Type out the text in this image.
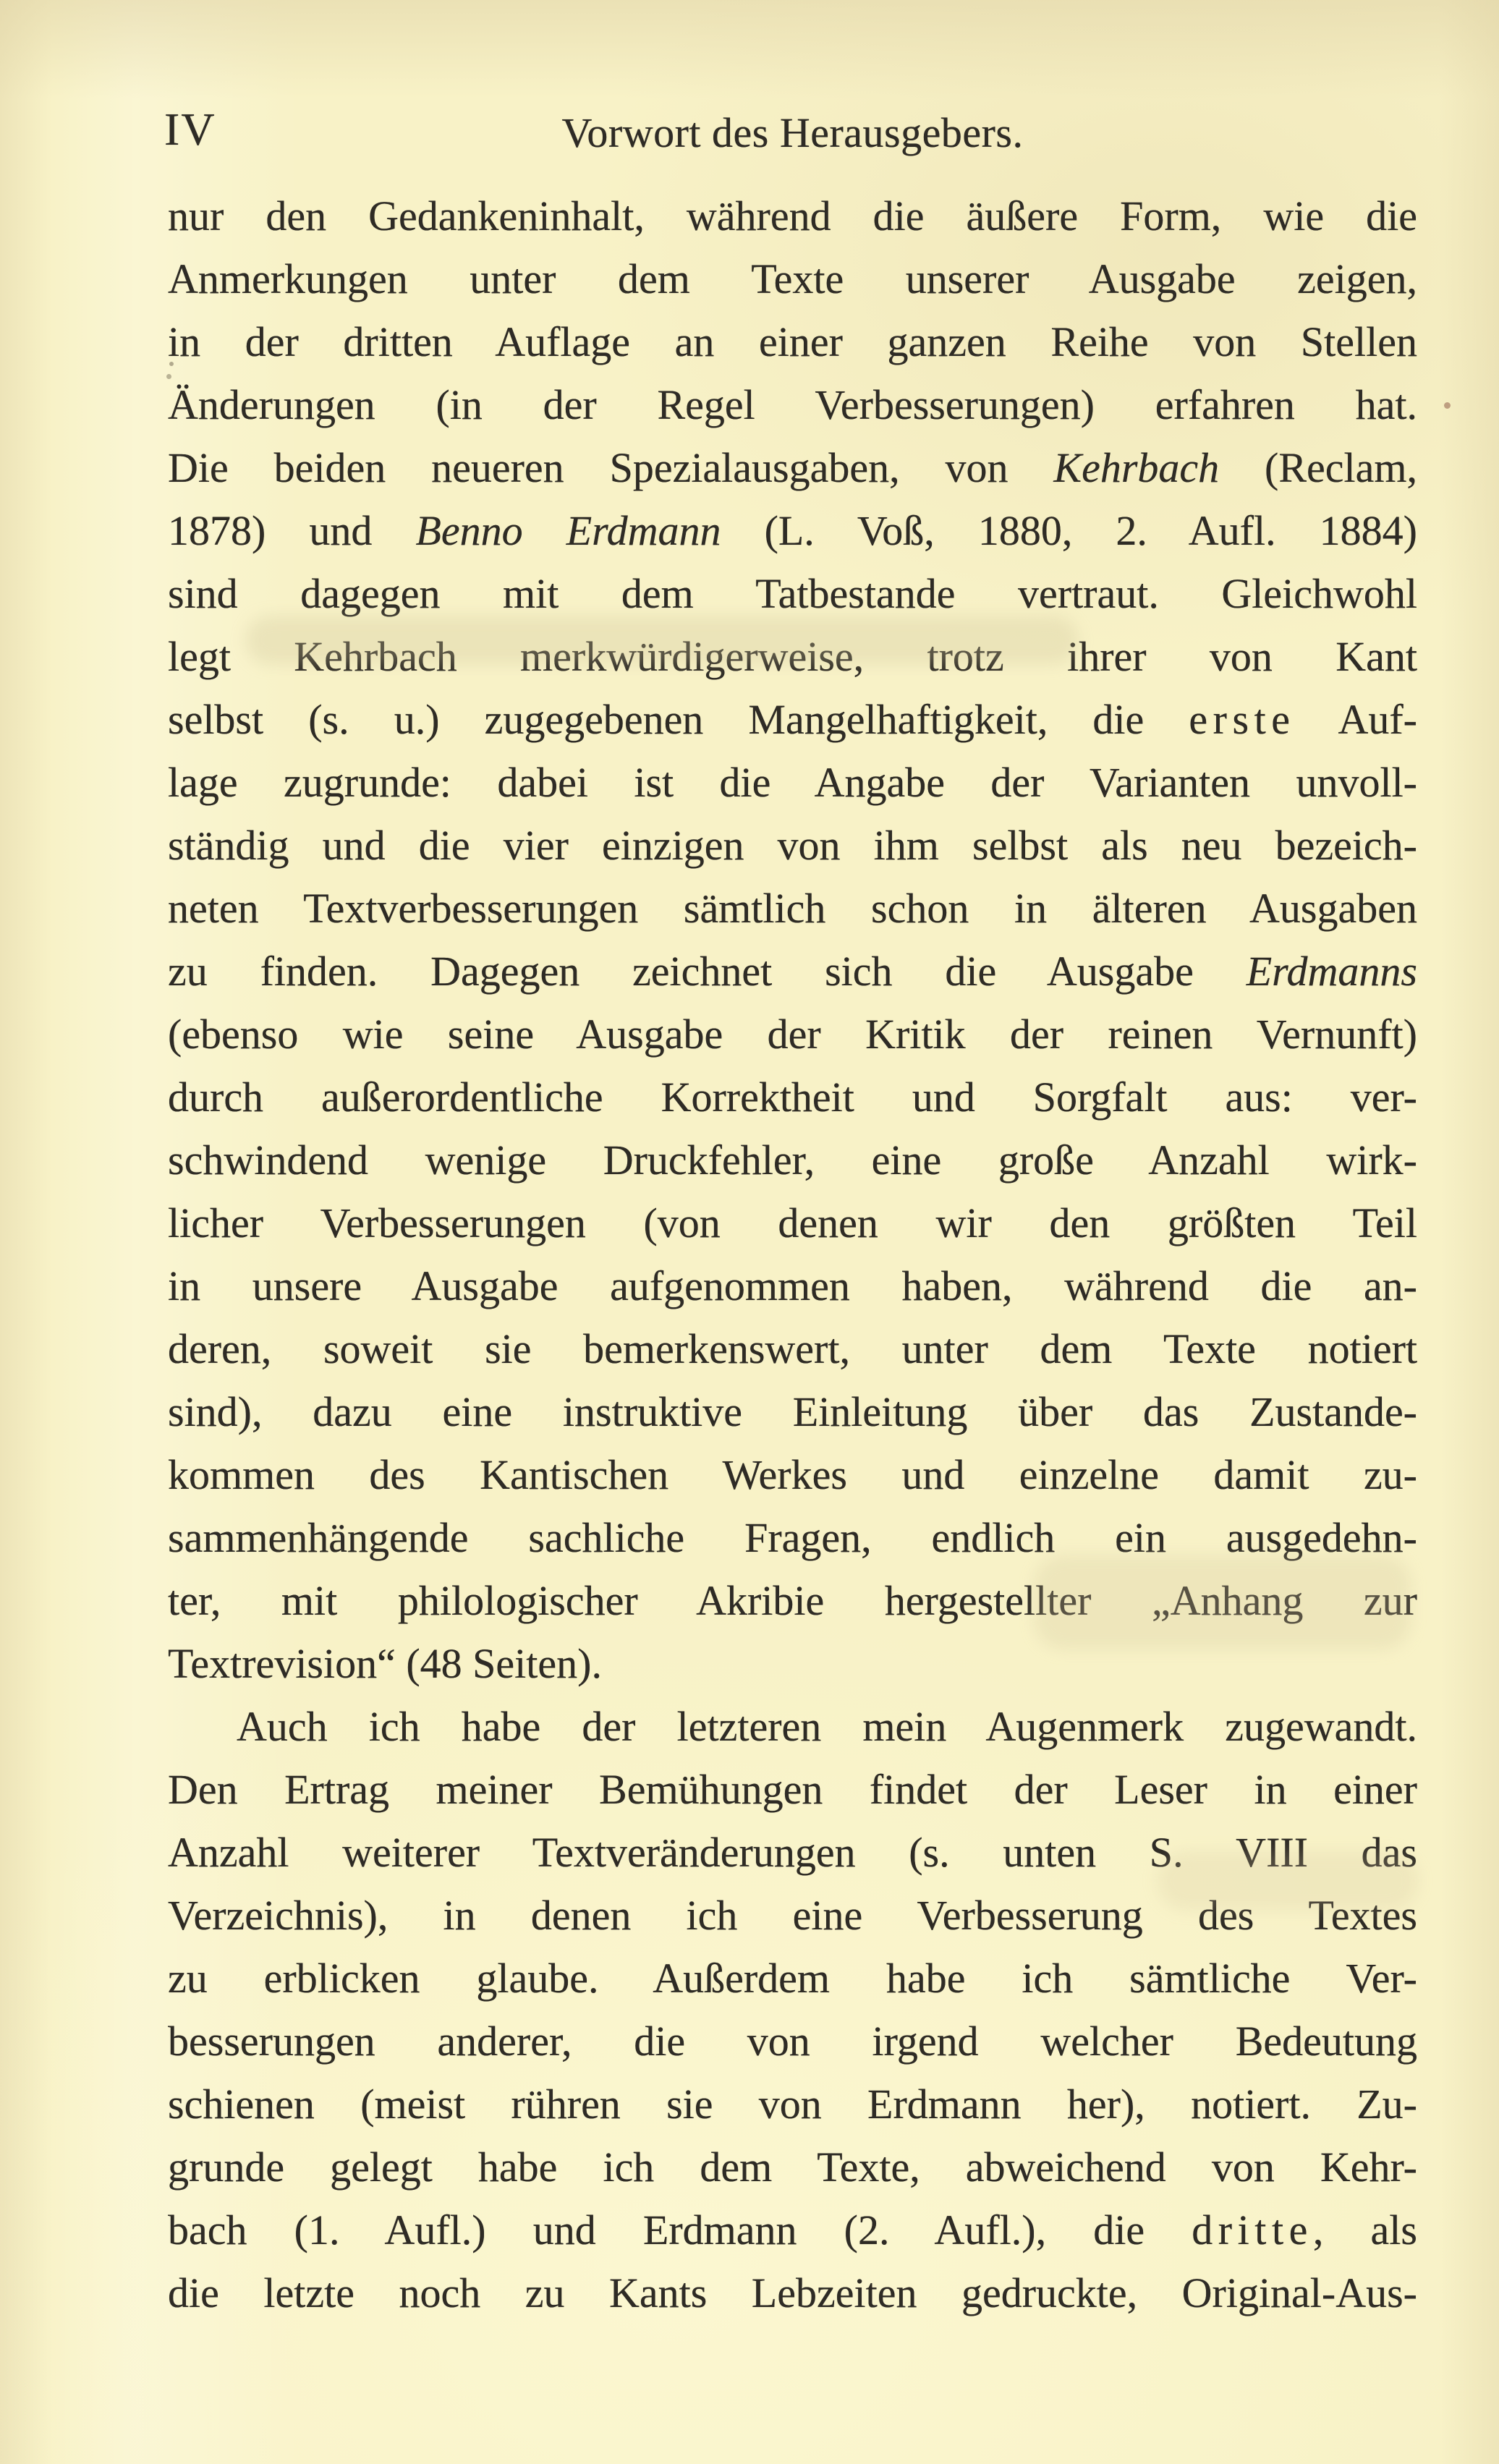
IV	Vorwort des Herausgebers.
nur den Gedankeninhalt, während die äußere Form, wie die
Anmerkungen unter dem Texte unserer Ausgabe zeigen,
in der dritten Auflage an einer ganzen Reihe von Stellen
Änderungen (in der Regel Verbesserungen) erfahren hat.
Die beiden neueren Spezialausgaben, von Kehrbach (Reclam,
1878) und Benno Erdmann (L. Voß, 1880, 2. Aufl. 1884)
sind dagegen mit dem Tatbestande vertraut. Gleichwohl
legt Kehrbach merkwürdigerweise, trotz ihrer von Kant
selbst (s. u.) zugegebenen Mangelhaftigkeit, die erste Auf-
lage zugrunde: dabei ist die Angabe der Varianten unvoll-
ständig und die vier einzigen von ihm selbst als neu bezeich-
neten Textverbesserungen sämtlich schon in älteren Ausgaben
zu finden. Dagegen zeichnet sich die Ausgabe Erdmanns
(ebenso wie seine Ausgabe der Kritik der reinen Vernunft)
durch außerordentliche Korrektheit und Sorgfalt aus: ver-
schwindend wenige Druckfehler, eine große Anzahl wirk-
licher Verbesserungen (von denen wir den größten Teil
in unsere Ausgabe aufgenommen haben, während die an-
deren, soweit sie bemerkenswert, unter dem Texte notiert
sind), dazu eine instruktive Einleitung über das Zustande-
kommen des Kantischen Werkes und einzelne damit zu-
sammenhängende sachliche Fragen, endlich ein ausgedehn-
ter, mit philologischer Akribie hergestellter „Anhang zur
Textrevision“ (48 Seiten).
Auch ich habe der letzteren mein Augenmerk zugewandt.
Den Ertrag meiner Bemühungen findet der Leser in einer
Anzahl weiterer Textveränderungen (s. unten S. VIII das
Verzeichnis), in denen ich eine Verbesserung des Textes
zu erblicken glaube. Außerdem habe ich sämtliche Ver-
besserungen anderer, die von irgend welcher Bedeutung
schienen (meist rühren sie von Erdmann her), notiert. Zu-
grunde gelegt habe ich dem Texte, abweichend von Kehr-
bach (1. Aufl.) und Erdmann (2. Aufl.), die dritte, als
die letzte noch zu Kants Lebzeiten gedruckte, Original-Aus-
